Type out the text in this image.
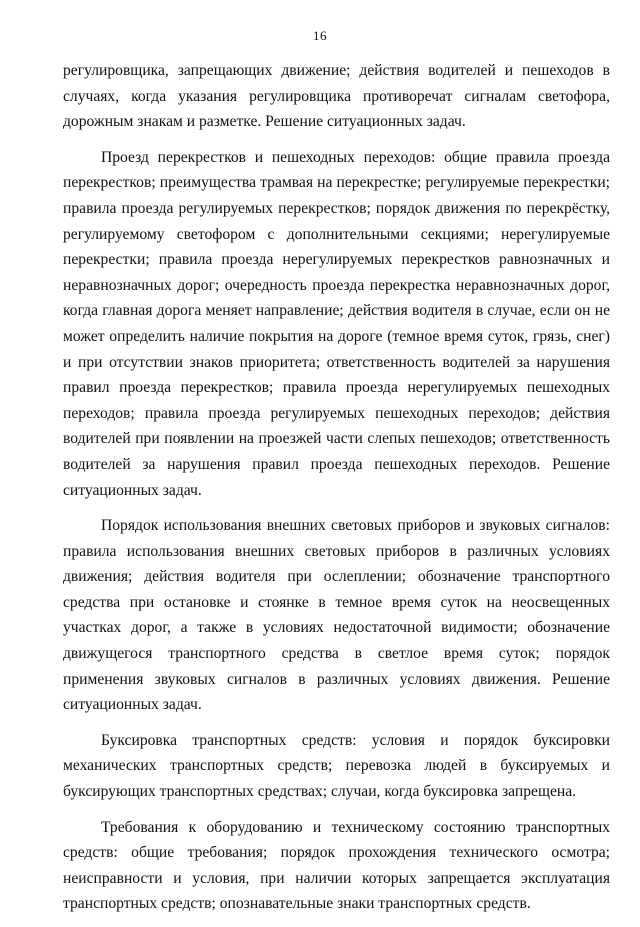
16

регулировщика, запрещающих движение; действия водителей и пешеходов в случаях, когда указания регулировщика противоречат сигналам светофора, дорожным знакам и разметке. Решение ситуационных задач.

Проезд перекрестков и пешеходных переходов: общие правила проезда перекрестков; преимущества трамвая на перекрестке; регулируемые перекрестки; правила проезда регулируемых перекрестков; порядок движения по перекрёстку, регулируемому светофором с дополнительными секциями; нерегулируемые перекрестки; правила проезда нерегулируемых перекрестков равнозначных и неравнозначных дорог; очередность проезда перекрестка неравнозначных дорог, когда главная дорога меняет направление; действия водителя в случае, если он не может определить наличие покрытия на дороге (темное время суток, грязь, снег) и при отсутствии знаков приоритета; ответственность водителей за нарушения правил проезда перекрестков; правила проезда нерегулируемых пешеходных переходов; правила проезда регулируемых пешеходных переходов; действия водителей при появлении на проезжей части слепых пешеходов; ответственность водителей за нарушения правил проезда пешеходных переходов. Решение ситуационных задач.

Порядок использования внешних световых приборов и звуковых сигналов: правила использования внешних световых приборов в различных условиях движения; действия водителя при ослеплении; обозначение транспортного средства при остановке и стоянке в темное время суток на неосвещенных участках дорог, а также в условиях недостаточной видимости; обозначение движущегося транспортного средства в светлое время суток; порядок применения звуковых сигналов в различных условиях движения. Решение ситуационных задач.

Буксировка транспортных средств: условия и порядок буксировки механических транспортных средств; перевозка людей в буксируемых и буксирующих транспортных средствах; случаи, когда буксировка запрещена.

Требования к оборудованию и техническому состоянию транспортных средств: общие требования; порядок прохождения технического осмотра; неисправности и условия, при наличии которых запрещается эксплуатация транспортных средств; опознавательные знаки транспортных средств.
